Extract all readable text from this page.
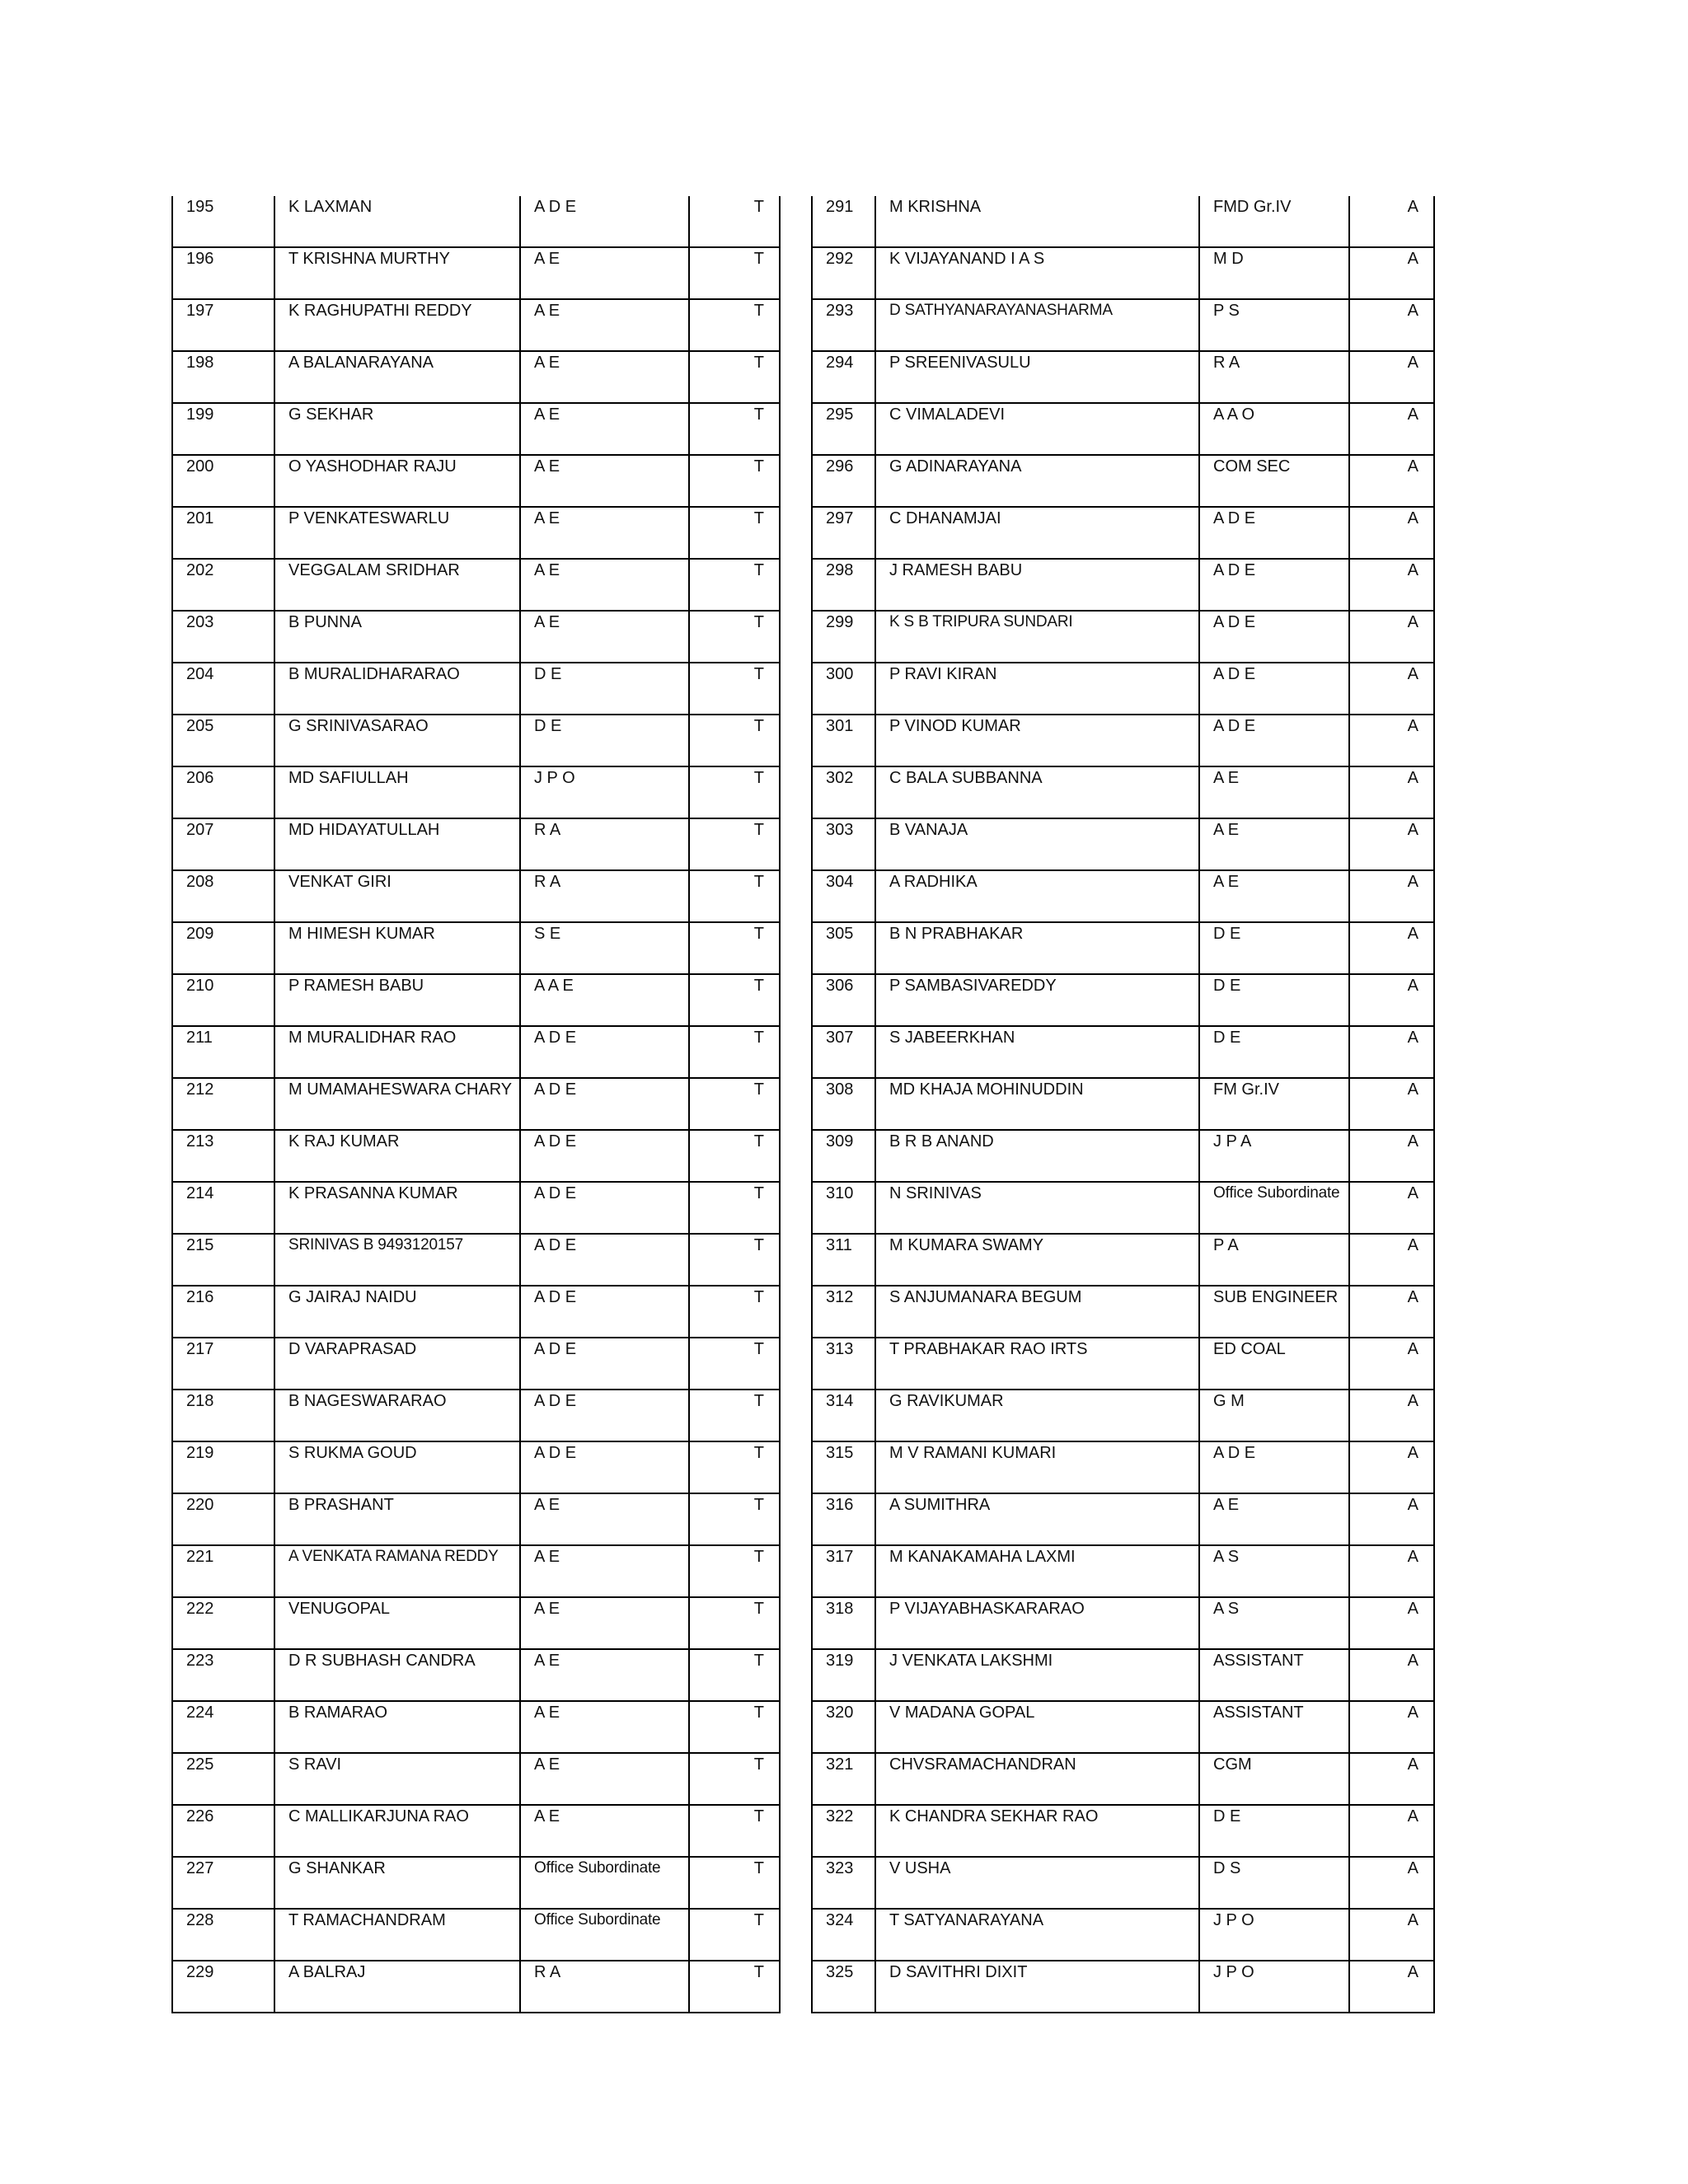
195	K LAXMAN	A D E	T
196	T KRISHNA MURTHY	A E	T
197	K RAGHUPATHI REDDY	A E	T
198	A BALANARAYANA	A E	T
199	G SEKHAR	A E	T
200	O YASHODHAR RAJU	A E	T
201	P VENKATESWARLU	A E	T
202	VEGGALAM SRIDHAR	A E	T
203	B PUNNA	A E	T
204	B MURALIDHARARAO	D E	T
205	G SRINIVASARAO	D E	T
206	MD SAFIULLAH	J P O	T
207	MD HIDAYATULLAH	R A	T
208	VENKAT GIRI	R A	T
209	M HIMESH KUMAR	S E	T
210	P RAMESH BABU	A A E	T
211	M MURALIDHAR RAO	A D E	T
212	M UMAMAHESWARA CHARY	A D E	T
213	K RAJ KUMAR	A D E	T
214	K PRASANNA KUMAR	A D E	T
215	SRINIVAS B 9493120157	A D E	T
216	G JAIRAJ NAIDU	A D E	T
217	D VARAPRASAD	A D E	T
218	B NAGESWARARAO	A D E	T
219	S RUKMA GOUD	A D E	T
220	B PRASHANT	A E	T
221	A VENKATA RAMANA REDDY	A E	T
222	VENUGOPAL	A E	T
223	D R SUBHASH CANDRA	A E	T
224	B RAMARAO	A E	T
225	S RAVI	A E	T
226	C MALLIKARJUNA RAO	A E	T
227	G SHANKAR	Office Subordinate	T
228	T RAMACHANDRAM	Office Subordinate	T
229	A BALRAJ	R A	T
291	M KRISHNA	FMD Gr.IV	A
292	K VIJAYANAND I A S	M D	A
293	D SATHYANARAYANASHARMA	P S	A
294	P SREENIVASULU	R A	A
295	C VIMALADEVI	A A O	A
296	G ADINARAYANA	COM SEC	A
297	C DHANAMJAI	A D E	A
298	J RAMESH BABU	A D E	A
299	K S B TRIPURA SUNDARI	A D E	A
300	P RAVI KIRAN	A D E	A
301	P VINOD KUMAR	A D E	A
302	C BALA SUBBANNA	A E	A
303	B VANAJA	A E	A
304	A RADHIKA	A E	A
305	B N PRABHAKAR	D E	A
306	P SAMBASIVAREDDY	D E	A
307	S JABEERKHAN	D E	A
308	MD KHAJA MOHINUDDIN	FM Gr.IV	A
309	B R B ANAND	J P A	A
310	N SRINIVAS	Office Subordinate	A
311	M KUMARA SWAMY	P A	A
312	S ANJUMANARA BEGUM	SUB ENGINEER	A
313	T PRABHAKAR RAO IRTS	ED COAL	A
314	G RAVIKUMAR	G M	A
315	M V RAMANI KUMARI	A D E	A
316	A SUMITHRA	A E	A
317	M KANAKAMAHA LAXMI	A S	A
318	P VIJAYABHASKARARAO	A S	A
319	J VENKATA LAKSHMI	ASSISTANT	A
320	V MADANA GOPAL	ASSISTANT	A
321	CHVSRAMACHANDRAN	CGM	A
322	K CHANDRA SEKHAR RAO	D E	A
323	V USHA	D S	A
324	T SATYANARAYANA	J P O	A
325	D SAVITHRI DIXIT	J P O	A
